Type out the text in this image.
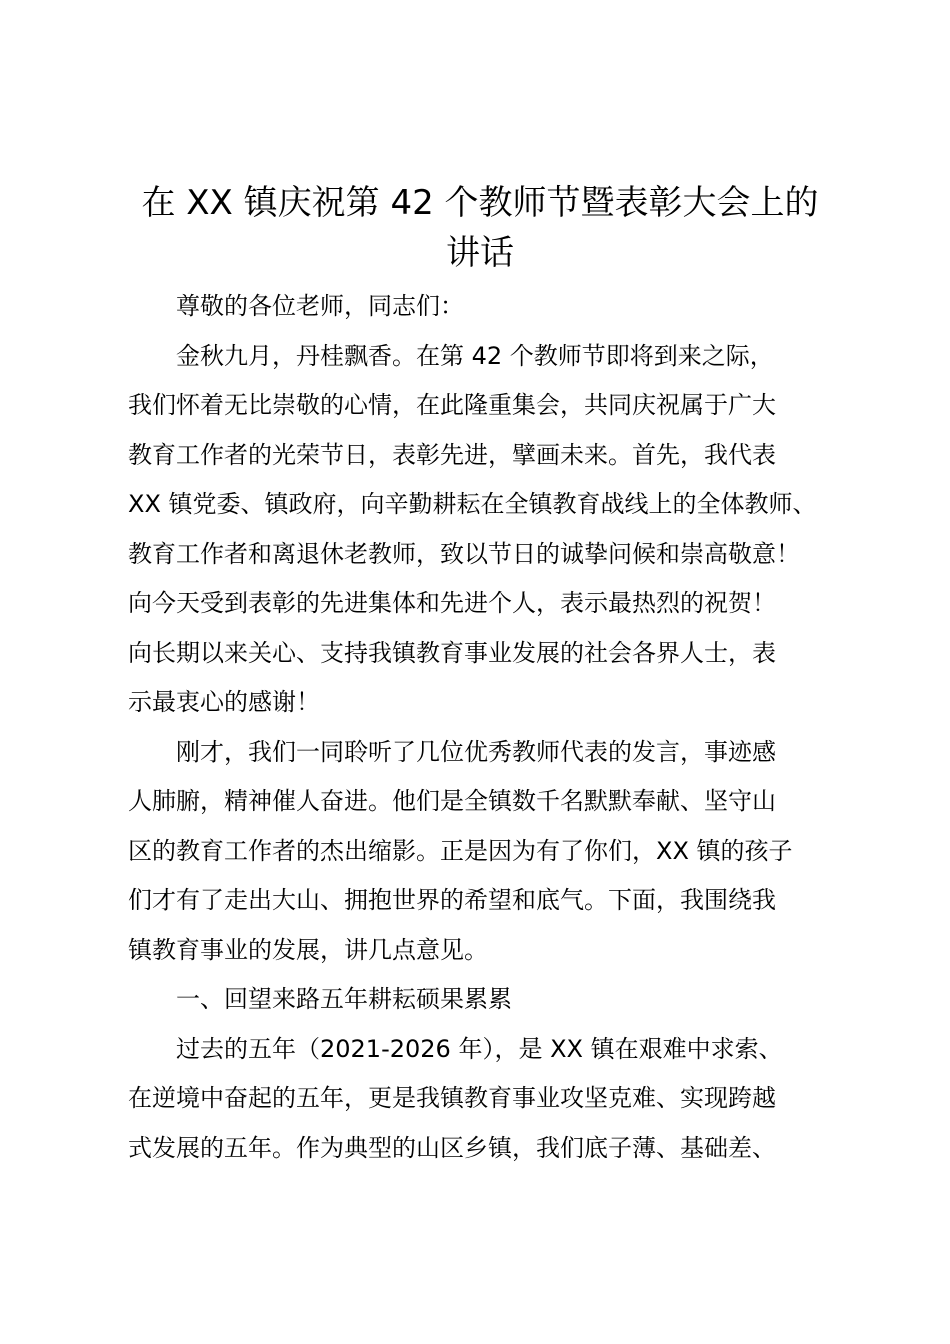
在 XX 镇庆祝第 42 个教师节暨表彰大会上的
讲话

尊敬的各位老师，同志们：

金秋九月，丹桂飘香。在第 42 个教师节即将到来之际，
我们怀着无比崇敬的心情，在此隆重集会，共同庆祝属于广大
教育工作者的光荣节日，表彰先进，擘画未来。首先，我代表
XX 镇党委、镇政府，向辛勤耕耘在全镇教育战线上的全体教师、
教育工作者和离退休老教师，致以节日的诚挚问候和崇高敬意！
向今天受到表彰的先进集体和先进个人，表示最热烈的祝贺！
向长期以来关心、支持我镇教育事业发展的社会各界人士，表
示最衷心的感谢！

刚才，我们一同聆听了几位优秀教师代表的发言，事迹感
人肺腑，精神催人奋进。他们是全镇数千名默默奉献、坚守山
区的教育工作者的杰出缩影。正是因为有了你们，XX 镇的孩子
们才有了走出大山、拥抱世界的希望和底气。下面，我围绕我
镇教育事业的发展，讲几点意见。

一、回望来路五年耕耘硕果累累

过去的五年（2021-2026 年），是 XX 镇在艰难中求索、
在逆境中奋起的五年，更是我镇教育事业攻坚克难、实现跨越
式发展的五年。作为典型的山区乡镇，我们底子薄、基础差、
